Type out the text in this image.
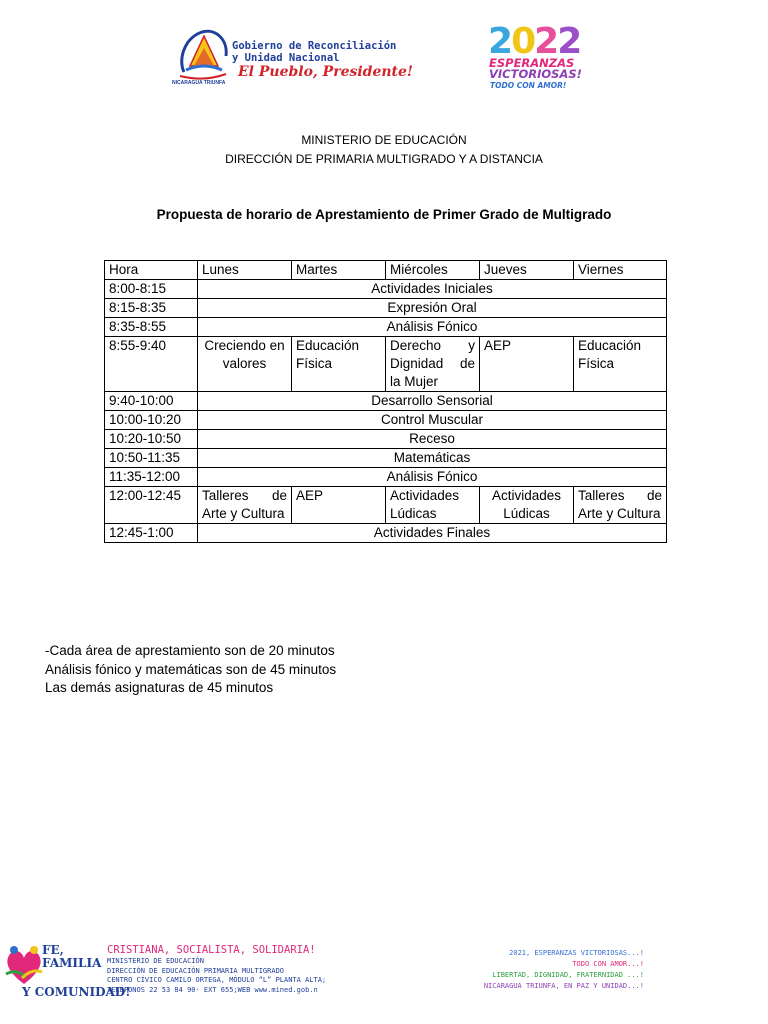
NICARAGUA TRIUNFA
Gobierno de Reconciliación
y Unidad Nacional
El Pueblo, Presidente!
2022
ESPERANZAS
VICTORIOSAS!
TODO CON AMOR!
MINISTERIO DE EDUCACIÓN
DIRECCIÓN DE PRIMARIA MULTIGRADO Y A DISTANCIA
Propuesta de horario de Aprestamiento de Primer Grado de Multigrado
Hora	Lunes	Martes	Miércoles	Jueves	Viernes
8:00-8:15	Actividades Iniciales				
8:15-8:35	Expresión Oral				
8:35-8:55	Análisis Fónico				
8:55-9:40	Creciendo en valores	Educación Física	Derecho y Dignidad de la Mujer	AEP	Educación Física
9:40-10:00	Desarrollo Sensorial				
10:00-10:20	Control Muscular				
10:20-10:50	Receso				
10:50-11:35	Matemáticas				
11:35-12:00	Análisis Fónico				
12:00-12:45	Talleres de Arte y Cultura	AEP	Actividades Lúdicas	Actividades Lúdicas	Talleres de Arte y Cultura
12:45-1:00	Actividades Finales				
-Cada área de aprestamiento son de 20 minutos
Análisis fónico y matemáticas son de 45 minutos
Las demás asignaturas de 45 minutos
FE,
FAMILIA
Y COMUNIDAD!
CRISTIANA, SOCIALISTA, SOLIDARIA!
MINISTERIO DE EDUCACIÓN
DIRECCIÓN DE EDUCACIÓN PRIMARIA MULTIGRADO
CENTRO CÍVICO CAMILO ORTEGA, MÓDULO “L” PLANTA ALTA;
TELÉFONOS 22 53 84 90- EXT 655;WEB www.mined.gob.n
2021, ESPERANZAS VICTORIOSAS...!
TODO CON AMOR...!
LIBERTAD, DIGNIDAD, FRATERNIDAD ...!
NICARAGUA TRIUNFA, EN PAZ Y UNIDAD...!
